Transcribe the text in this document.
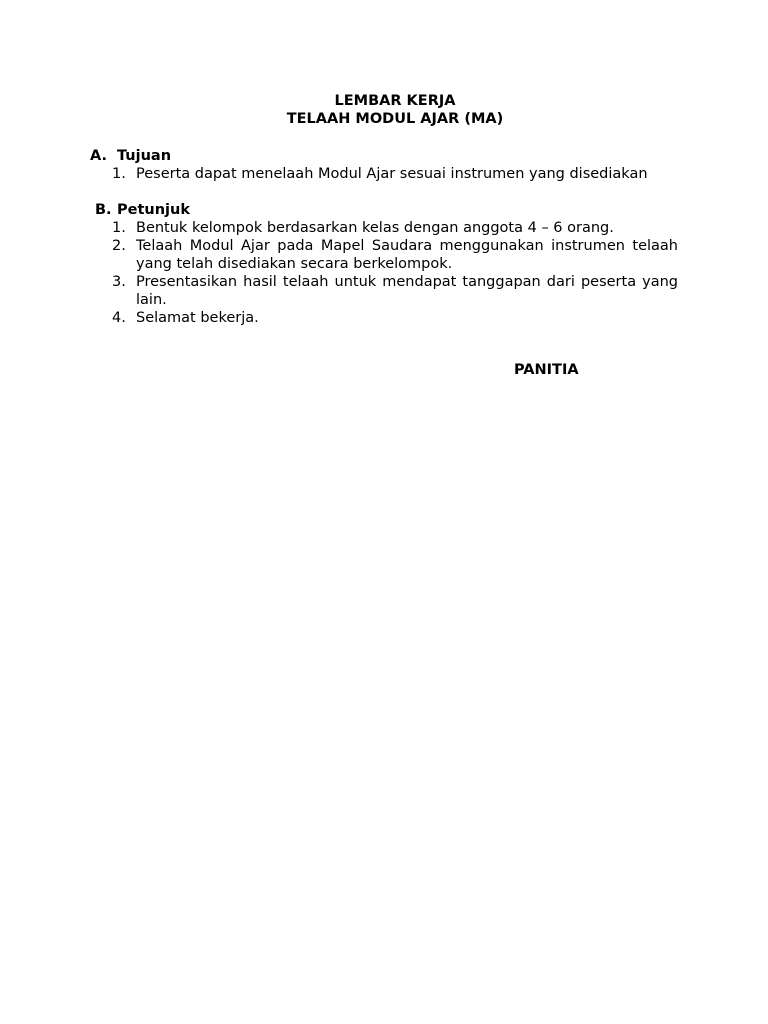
LEMBAR KERJA
TELAAH MODUL AJAR (MA)
A. Tujuan
1. Peserta dapat menelaah Modul Ajar sesuai instrumen yang disediakan
B. Petunjuk
1. Bentuk kelompok berdasarkan kelas dengan anggota 4 – 6 orang.
2. Telaah Modul Ajar pada Mapel Saudara menggunakan instrumen telaah yang telah disediakan secara berkelompok.
3. Presentasikan hasil telaah untuk mendapat tanggapan dari peserta yang lain.
4. Selamat bekerja.
PANITIA
